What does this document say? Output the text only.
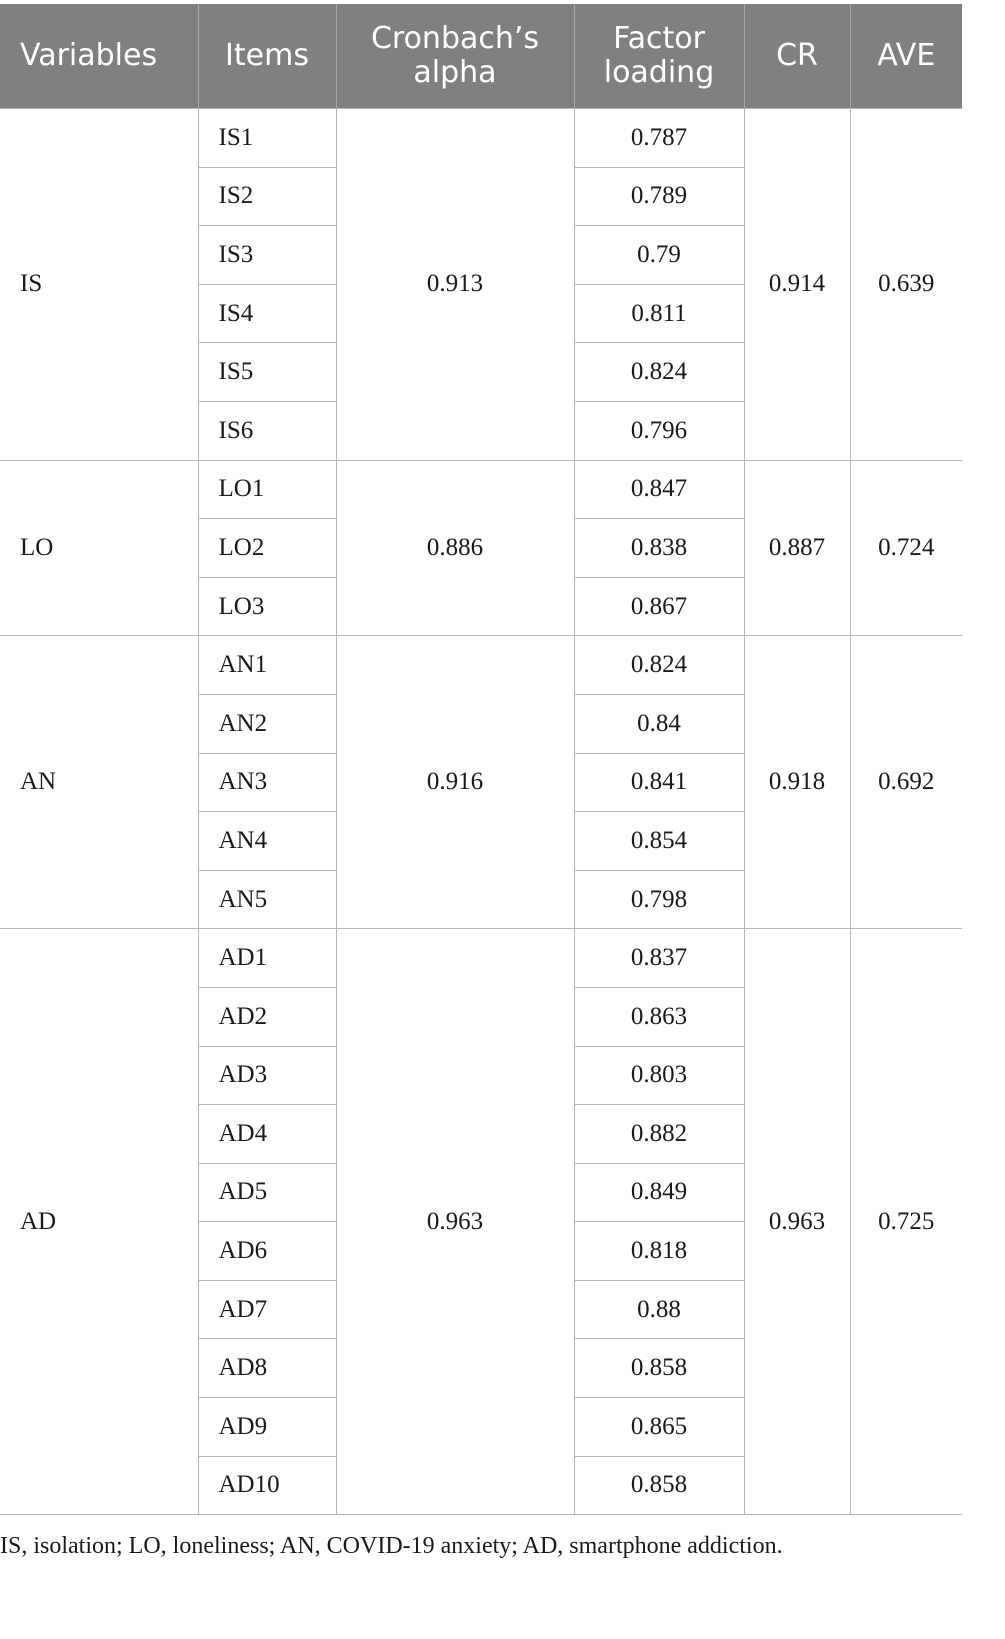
Variables	Items	Cronbach’s alpha	Factor loading	CR	AVE
IS	IS1	0.913	0.787	0.914	0.639
	IS2		0.789		
	IS3		0.79		
	IS4		0.811		
	IS5		0.824		
	IS6		0.796		
LO	LO1	0.886	0.847	0.887	0.724
	LO2		0.838		
	LO3		0.867		
AN	AN1	0.916	0.824	0.918	0.692
	AN2		0.84		
	AN3		0.841		
	AN4		0.854		
	AN5		0.798		
AD	AD1	0.963	0.837	0.963	0.725
	AD2		0.863		
	AD3		0.803		
	AD4		0.882		
	AD5		0.849		
	AD6		0.818		
	AD7		0.88		
	AD8		0.858		
	AD9		0.865		
	AD10		0.858		
IS, isolation; LO, loneliness; AN, COVID-19 anxiety; AD, smartphone addiction.
